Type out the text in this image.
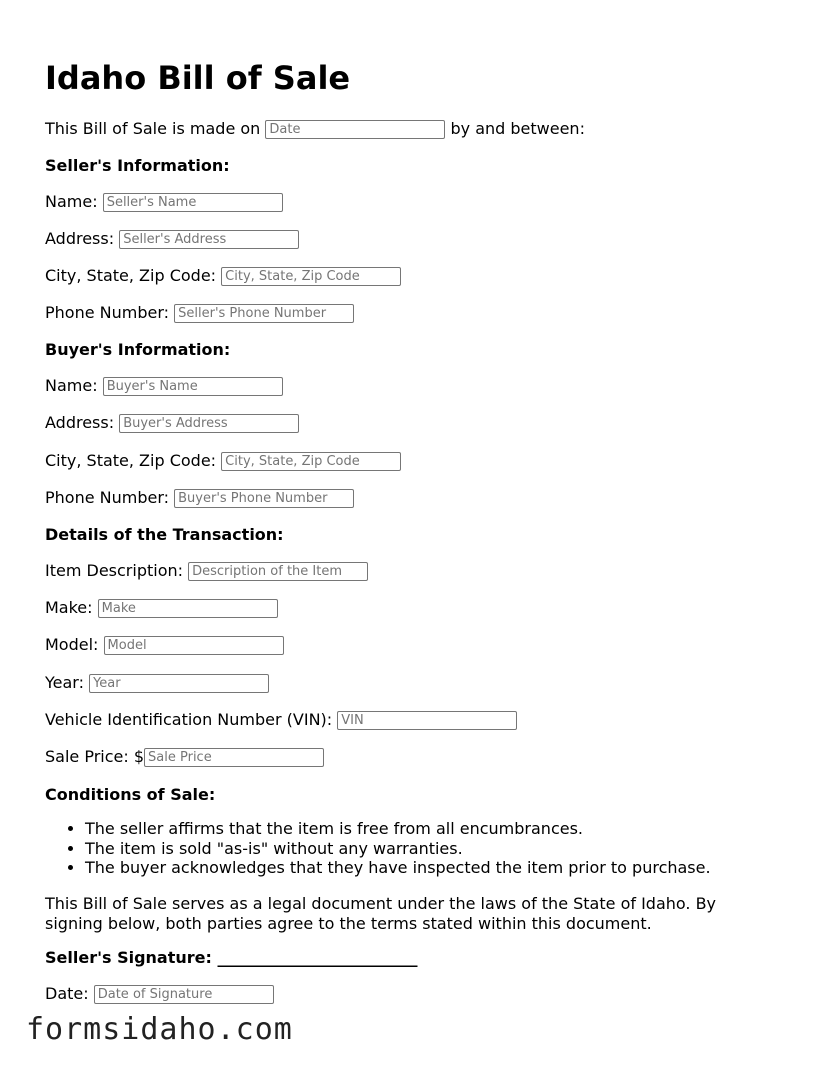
Idaho Bill of Sale
This Bill of Sale is made on Date	by and between:
Seller's Information:
Name: Seller's Name
Address: Seller's Address
City, State, Zip Code: City, State, Zip Code
Phone Number: Seller's Phone Number
Buyer's Information:
Name: Buyer's Name
Address: Buyer's Address
City, State, Zip Code: City, State, Zip Code
Phone Number: Buyer's Phone Number
Details of the Transaction:
Item Description: Description of the Item
Make: Make
Model: Model
Year: Year
Vehicle Identification Number (VIN): VIN
Sale Price: $Sale Price
Conditions of Sale:
• The seller affirms that the item is free from all encumbrances.
• The item is sold "as-is" without any warranties.
• The buyer acknowledges that they have inspected the item prior to purchase.

This Bill of Sale serves as a legal document under the laws of the State of Idaho. By signing below, both parties agree to the terms stated within this document.

Seller's Signature: _________________________
Date: Date of Signature
formsidaho.com
